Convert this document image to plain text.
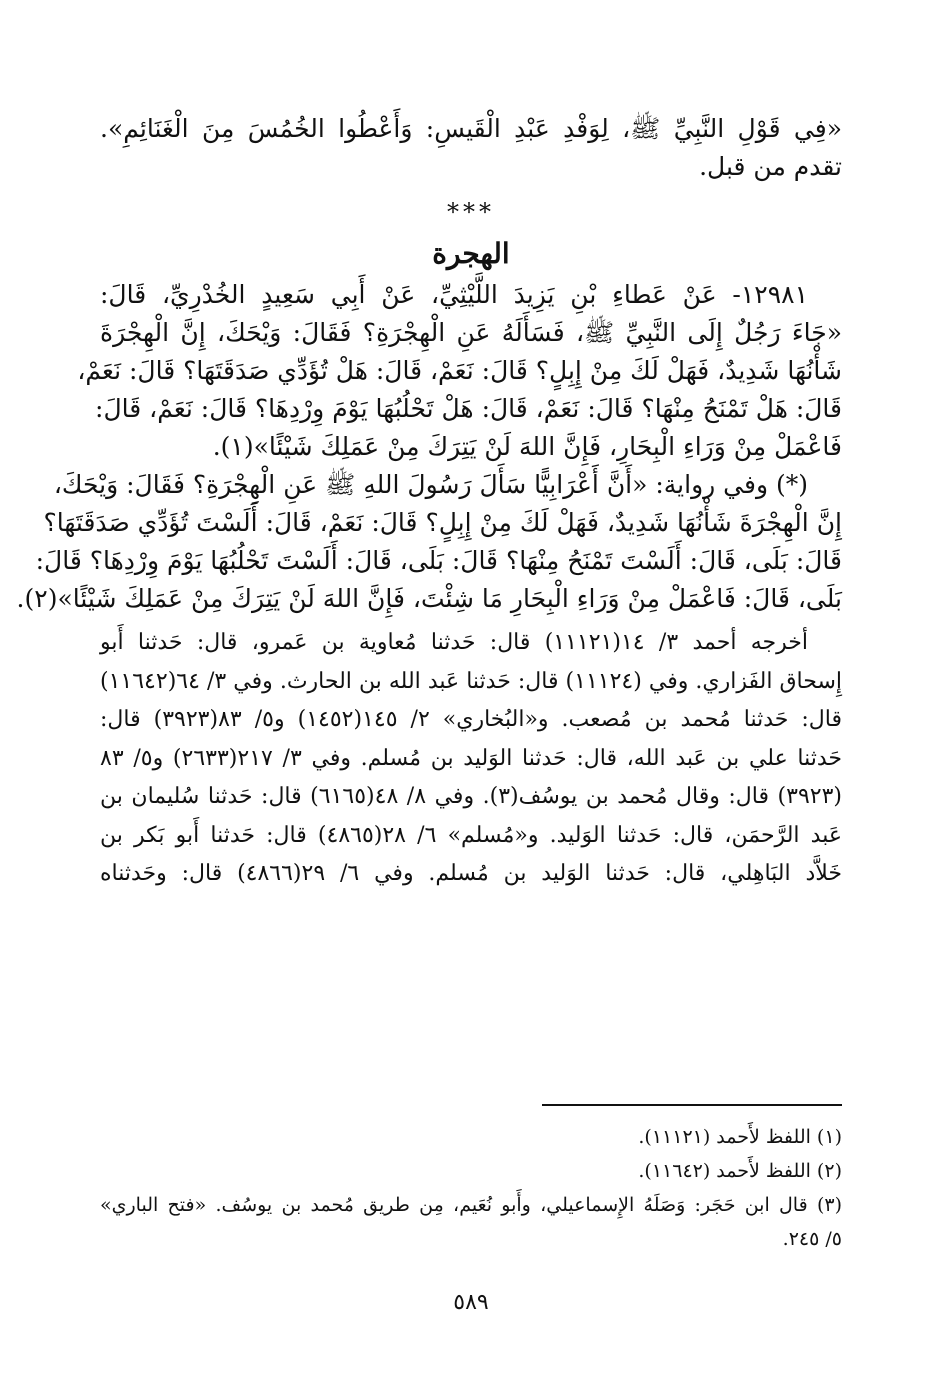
«فِي قَوْلِ النَّبِيِّ ﷺ، لِوَفْدِ عَبْدِ الْقَيسِ: وَأَعْطُوا الخُمُسَ مِنَ الْغَنَائِمِ».
تقدم من قبل.
***
الهجرة
١٢٩٨١- عَنْ عَطاءِ بْنِ يَزِيدَ اللَّيْثِيِّ، عَنْ أَبِي سَعِيدٍ الخُدْرِيِّ، قَالَ:
«جَاءَ رَجُلٌ إِلَى النَّبِيِّ ﷺ، فَسَأَلَهُ عَنِ الْهِجْرَةِ؟ فَقَالَ: وَيْحَكَ، إِنَّ الْهِجْرَةَ
شَأْنُهَا شَدِيدٌ، فَهَلْ لَكَ مِنْ إِبِلٍ؟ قَالَ: نَعَمْ، قَالَ: هَلْ تُؤَدِّي صَدَقَتَهَا؟ قَالَ: نَعَمْ،
قَالَ: هَلْ تَمْنَحُ مِنْهَا؟ قَالَ: نَعَمْ، قَالَ: هَلْ تَحْلُبُهَا يَوْمَ وِرْدِهَا؟ قَالَ: نَعَمْ، قَالَ:
فَاعْمَلْ مِنْ وَرَاءِ الْبِحَارِ، فَإِنَّ اللهَ لَنْ يَتِرَكَ مِنْ عَمَلِكَ شَيْئًا»(١).
(*) وفي رواية: «أَنَّ أَعْرَابِيًّا سَأَلَ رَسُولَ اللهِ ﷺ عَنِ الْهِجْرَةِ؟ فَقَالَ: وَيْحَكَ،
إِنَّ الْهِجْرَةَ شَأْنُهَا شَدِيدٌ، فَهَلْ لَكَ مِنْ إِبِلٍ؟ قَالَ: نَعَمْ، قَالَ: أَلَسْتَ تُؤَدِّي صَدَقَتَهَا؟
قَالَ: بَلَى، قَالَ: أَلَسْتَ تَمْنَحُ مِنْهَا؟ قَالَ: بَلَى، قَالَ: أَلَسْتَ تَحْلُبُهَا يَوْمَ وِرْدِهَا؟ قَالَ:
بَلَى، قَالَ: فَاعْمَلْ مِنْ وَرَاءِ الْبِحَارِ مَا شِئْتَ، فَإِنَّ اللهَ لَنْ يَتِرَكَ مِنْ عَمَلِكَ شَيْئًا»(٢).
أخرجه أحمد ٣/ ١٤(١١١٢١) قال: حَدثنا مُعاوية بن عَمرو، قال: حَدثنا أَبو
إِسحاق الفَزاري. وفي (١١١٢٤) قال: حَدثنا عَبد الله بن الحارث. وفي ٣/ ٦٤(١١٦٤٢)
قال: حَدثنا مُحمد بن مُصعب. و«البُخاري» ٢/ ١٤٥(١٤٥٢) و٥/ ٨٣(٣٩٢٣) قال:
حَدثنا علي بن عَبد الله، قال: حَدثنا الوَليد بن مُسلم. وفي ٣/ ٢١٧(٢٦٣٣) و٥/ ٨٣
(٣٩٢٣) قال: وقال مُحمد بن يوسُف(٣). وفي ٨/ ٤٨(٦١٦٥) قال: حَدثنا سُليمان بن
عَبد الرَّحمَن، قال: حَدثنا الوَليد. و«مُسلم» ٦/ ٢٨(٤٨٦٥) قال: حَدثنا أَبو بَكر بن
خَلاَّد البَاهِلي، قال: حَدثنا الوَليد بن مُسلم. وفي ٦/ ٢٩(٤٨٦٦) قال: وحَدثناه
(١) اللفظ لأَحمد (١١١٢١).
(٢) اللفظ لأَحمد (١١٦٤٢).
(٣) قال ابن حَجَر: وَصَلَهُ الإِسماعيلي، وأَبو نُعَيم، مِن طريق مُحمد بن يوسُف. «فتح الباري»
٥/ ٢٤٥.
٥٨٩
